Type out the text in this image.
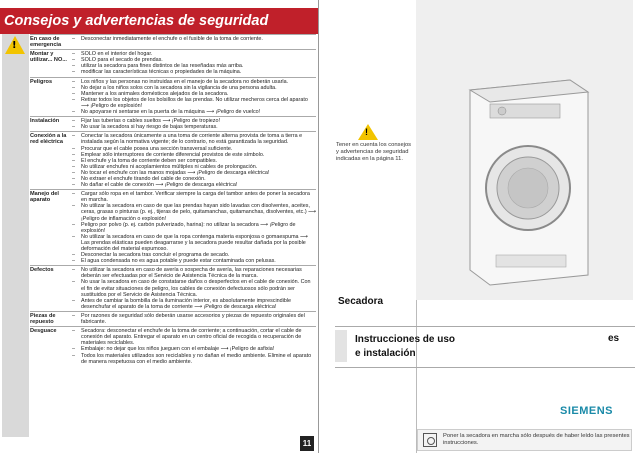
Consejos y advertencias de seguridad
!
En caso de emergencia
–	Desconectar inmediatamente el enchufe o el fusible de la toma de corriente.
Montar y utilizar... NO...
–	SOLO en el interior del hogar.
–	SOLO para el secado de prendas.
–	utilizar la secadora para fines distintos de las reseñadas más arriba.
–	modificar las características técnicas o propiedades de la máquina.
Peligros	–	Los niños y las personas no instruidas en el manejo de la secadora no deberán usarla.
–	No dejar a los niños solos con la secadora sin la vigilancia de una persona adulta.
–	Mantener a los animales domésticos alejados de la secadora.
–	Retirar todos los objetos de los bolsillos de las prendas. No utilizar mecheros cerca del aparato ⟶ ¡Peligro de explosión!
–	No apoyarse ni sentarse en la puerta de la máquina ⟶ ¡Peligro de vuelco!
Instalación	–	Fijar las tuberías o cables sueltos ⟶ ¡Peligro de tropiezo!
–	No usar la secadora si hay riesgo de bajas temperaturas.
Conexión a la red eléctrica
–	Conectar la secadora únicamente a una toma de corriente alterna provista de toma a tierra e instalada según la normativa vigente; de lo contrario, no está garantizada la seguridad.
–	Procurar que el cable posea una sección transversal suficiente.
–	Emplear sólo interruptores de corriente diferencial provistos de este símbolo.
–	El enchufe y la toma de corriente deben ser compatibles.
–	No utilizar enchufes ni acoplamientos múltiples ni cables de prolongación.
–	No tocar el enchufe con las manos mojadas ⟶ ¡Peligro de descarga eléctrica!
–	No extraer el enchufe tirando del cable de conexión.
–	No dañar el cable de conexión ⟶ ¡Peligro de descarga eléctrica!
Manejo del aparato
–	Cargar sólo ropa en el tambor. Verificar siempre la carga del tambor antes de poner la secadora en marcha.
–	No utilizar la secadora en caso de que las prendas hayan sido lavadas con disolventes, aceites, ceras, grasas o pinturas (p. ej., tijeras de pelo, quitamanchas, quitamanchas, disolventes, etc.) ⟶ ¡Peligro de inflamación o explosión!
–	Peligro por polvo (p. ej. carbón pulverizado, harina): no utilizar la secadora ⟶ ¡Peligro de explosión!
–	No utilizar la secadora en caso de que la ropa contenga materia esponjosa o gomaespuma ⟶ Las prendas elásticas pueden deagarrarse y la secadora puede resultar dañada por la posible deformación del material espumoso.
–	Desconectar la secadora tras concluir el programa de secado.
–	El agua condensada no es agua potable y puede estar contaminada con pelusas.
Defectos	–	No utilizar la secadora en caso de avería o sospecha de avería, las reparaciones necesarias deberán ser efectuadas por el Servicio de Asistencia Técnica de la marca.
–	No usar la secadora en caso de constatarse daños o desperfectos en el cable de conexión. Con el fin de evitar situaciones de peligro, los cables de conexión defectuosos sólo podrán ser sustituidos por el Servicio de Asistencia Técnica.
–	Antes de cambiar la bombilla de la iluminación interior, es absolutamente imprescindible desenchufar el aparato de la toma de corriente ⟶ ¡Peligro de descarga eléctrica!
Piezas de repuesto
–	Por razones de seguridad sólo deberán usarse accesorios y piezas de repuesto originales del fabricante.
Desguace	–	Secadora: desconectar el enchufe de la toma de corriente; a continuación, cortar el cable de conexión del aparato. Entregar el aparato en un centro oficial de recogida o recuperación de materiales reciclables.
–	Embalaje: no dejar que los niños jueguen con el embalaje ⟶ ¡Peligro de asfixia!
–	Todos los materiales utilizados son reciclables y no dañan el medio ambiente. Elimine el aparato de manera respetuosa con el medio ambiente.
11
!
Tener en cuenta los consejos y advertencias de seguridad indicadas en la página 11.
Secadora
Instrucciones de uso
e instalación
es
SIEMENS
Poner la secadora en marcha sólo después de haber leído las presentes instrucciones.
